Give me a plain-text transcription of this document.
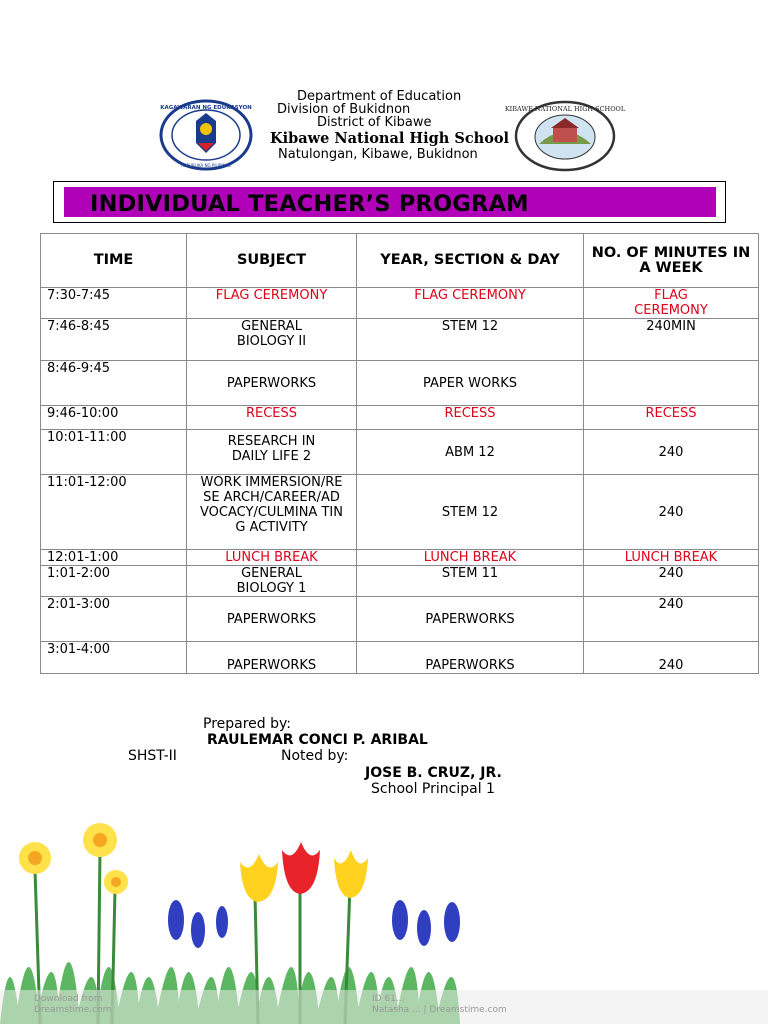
KAGAWARAN NG EDUKASYON
REPUBLIKA NG PILIPINAS
KIBAWE NATIONAL HIGH SCHOOL
Department of Education
Division of Bukidnon
District of Kibawe
Kibawe National High School
Natulongan, Kibawe, Bukidnon
INDIVIDUAL TEACHER’S PROGRAM
TIME	SUBJECT	YEAR, SECTION & DAY	NO. OF MINUTES IN A WEEK
7:30-7:45	FLAG CEREMONY	FLAG CEREMONY	FLAG CEREMONY
7:46-8:45	GENERAL BIOLOGY II	STEM 12	240MIN
8:46-9:45	PAPERWORKS	PAPER WORKS	
9:46-10:00	RECESS	RECESS	RECESS
10:01-11:00	RESEARCH IN DAILY LIFE 2	ABM 12	240
11:01-12:00	WORK IMMERSION/RESE ARCH/CAREER/AD VOCACY/CULMINA TING ACTIVITY	STEM 12	240
12:01-1:00	LUNCH BREAK	LUNCH BREAK	LUNCH BREAK
1:01-2:00	GENERAL BIOLOGY 1	STEM 11	240
2:01-3:00	PAPERWORKS	PAPERWORKS	240
3:01-4:00	PAPERWORKS	PAPERWORKS	240
Prepared by:
RAULEMAR CONCI P. ARIBAL
SHST-II	Noted by:
JOSE B. CRUZ, JR.
School Principal 1
Download from
Dreamstime.com
ID 61...
Natasha ... | Dreamstime.com
